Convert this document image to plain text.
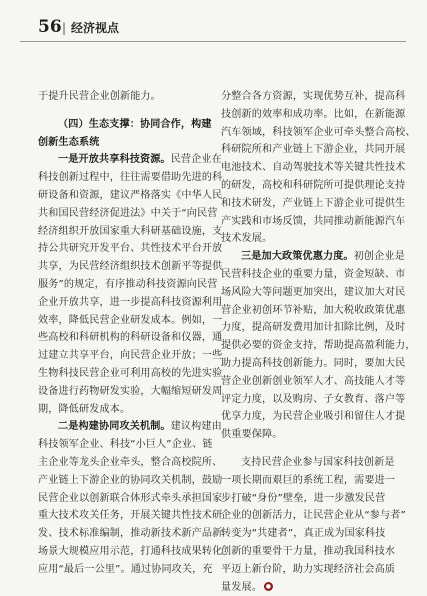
56 | 经济视点
于提升民营企业创新能力。
（四）生态支撑：协同合作，构建
创新生态系统
一是开放共享科技资源。民营企业在
科技创新过程中，往往需要借助先进的科
研设备和资源，建议严格落实《中华人民
共和国民营经济促进法》中关于“向民营
经济组织开放国家重大科研基础设施，支
持公共研究开发平台、共性技术平台开放
共享，为民营经济组织技术创新平等提供
服务”的规定，有序推动科技资源向民营
企业开放共享，进一步提高科技资源利用
效率，降低民营企业研发成本。例如，一
些高校和科研机构的科研设备和仪器，通
过建立共享平台，向民营企业开放；一些
生物科技民营企业可利用高校的先进实验
设备进行药物研发实验，大幅缩短研发周
期，降低研发成本。
二是构建协同攻关机制。建议构建由
科技领军企业、科技“小巨人”企业、链
主企业等龙头企业牵头，整合高校院所、
产业链上下游企业的协同攻关机制，鼓励
民营企业以创新联合体形式牵头承担国家
重大技术攻关任务，开展关键共性技术研
发、技术标准编制，推动新技术新产品新
场景大规模应用示范，打通科技成果转化
应用“最后一公里”。通过协同攻关，充
分整合各方资源，实现优势互补，提高科
技创新的效率和成功率。比如，在新能源
汽车领域，科技领军企业可牵头整合高校、
科研院所和产业链上下游企业，共同开展
电池技术、自动驾驶技术等关键共性技术
的研发，高校和科研院所可提供理论支持
和技术研发，产业链上下游企业可提供生
产实践和市场反馈，共同推动新能源汽车
技术发展。
三是加大政策优惠力度。初创企业是
民营科技企业的重要力量，资金短缺、市
场风险大等问题更加突出，建议加大对民
营企业初创环节补贴，加大税收政策优惠
力度，提高研发费用加计扣除比例，及时
提供必要的资金支持，帮助提高盈利能力，
助力提高科技创新能力。同时，要加大民
营企业创新创业领军人才、高技能人才等
评定力度，以及购房、子女教育、落户等
优享力度，为民营企业吸引和留住人才提
供重要保障。
支持民营企业参与国家科技创新是
一项长期而艰巨的系统工程，需要进一
步打破“身份”壁垒，进一步激发民营
企业的创新活力，让民营企业从“参与者”
转变为“共建者”，真正成为国家科技
创新的重要骨干力量，推动我国科技水
平迈上新台阶，助力实现经济社会高质
量发展。 ●
